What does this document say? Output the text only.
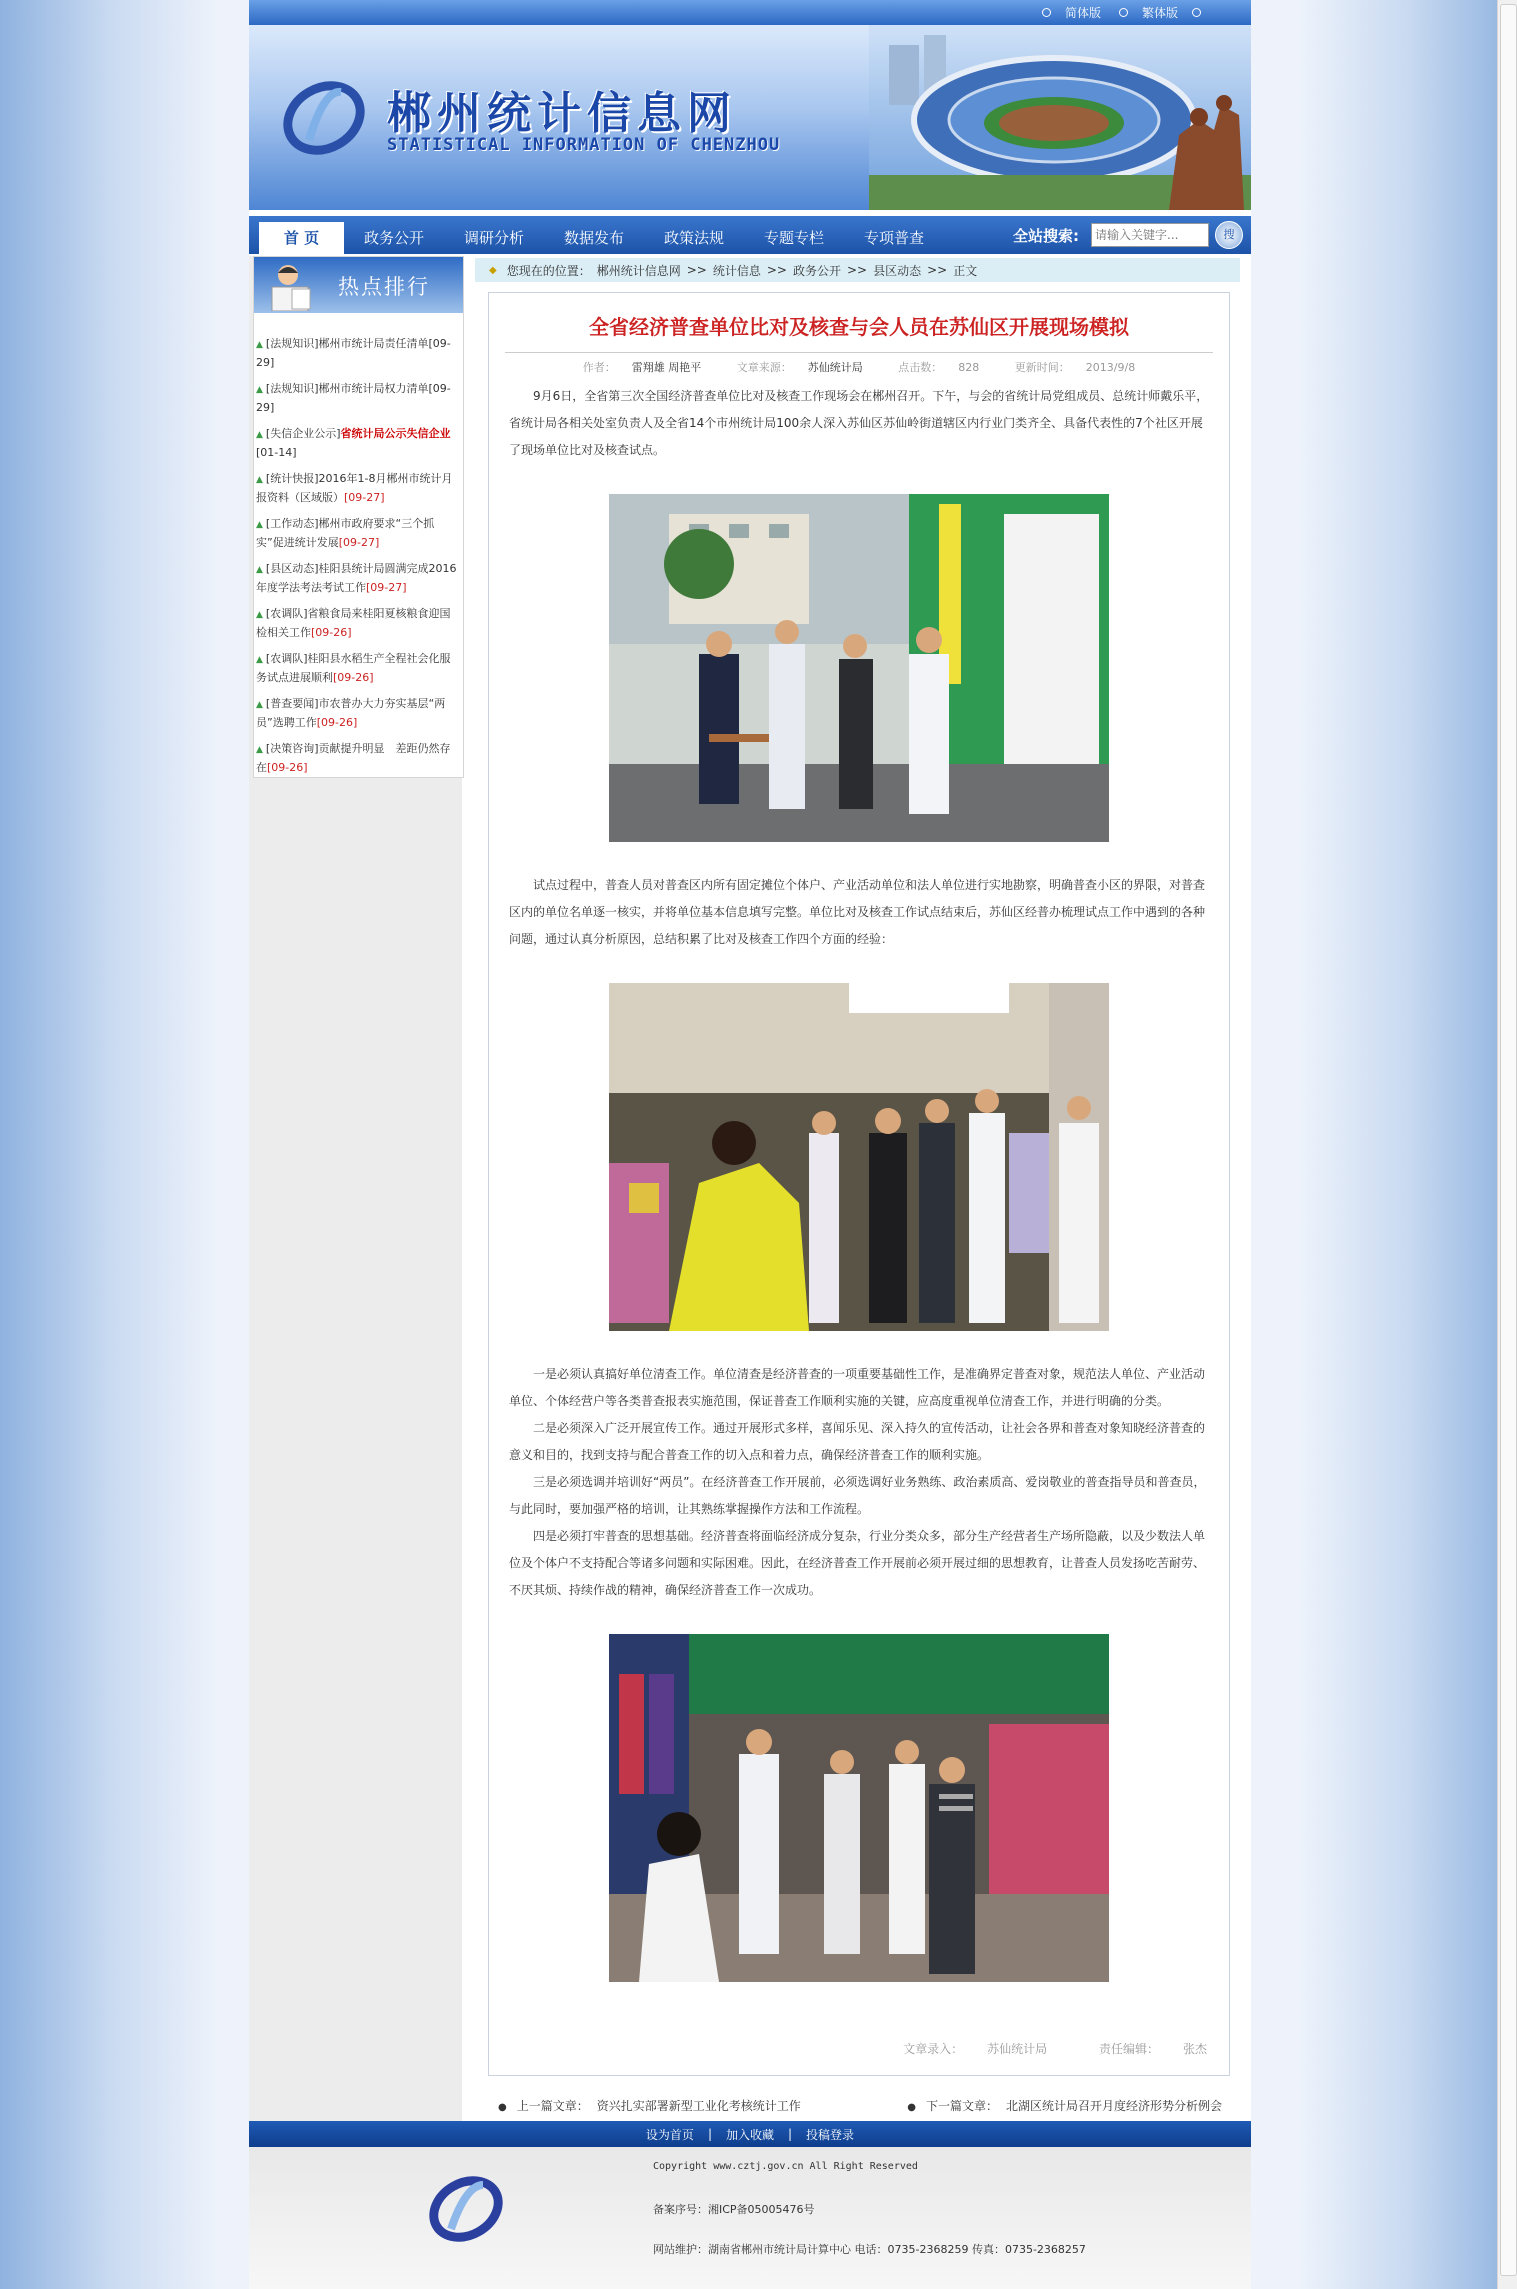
简体版	繁体版
郴州统计信息网
STATISTICAL INFORMATION OF CHENZHOU
首 页	政务公开	调研分析	数据发布	政策法规	专题专栏	专项普查	全站搜索:
请输入关键字...	搜
热点排行
▲ [法规知识]郴州市统计局责任清单[09-29]
▲ [法规知识]郴州市统计局权力清单[09-29]
▲ [失信企业公示]省统计局公示失信企业[01-14]
▲ [统计快报]2016年1-8月郴州市统计月报资料（区域版）[09-27]
▲ [工作动态]郴州市政府要求“三个抓实”促进统计发展[09-27]
▲ [县区动态]桂阳县统计局圆满完成2016年度学法考法考试工作[09-27]
▲ [农调队]省粮食局来桂阳夏核粮食迎国检相关工作[09-26]
▲ [农调队]桂阳县水稻生产全程社会化服务试点进展顺利[09-26]
▲ [普查要闻]市农普办大力夯实基层“两员”选聘工作[09-26]
▲ [决策咨询]贡献提升明显　差距仍然存在[09-26]
◆ 您现在的位置： 郴州统计信息网 >> 统计信息 >> 政务公开 >> 县区动态 >> 正文
全省经济普查单位比对及核查与会人员在苏仙区开展现场模拟
作者： 雷翔雄 周艳平	文章来源： 苏仙统计局	点击数： 828	更新时间： 2013/9/8

9月6日，全省第三次全国经济普查单位比对及核查工作现场会在郴州召开。下午，与会的省统计局党组成员、总统计师戴乐平，省统计局各相关处室负责人及全省14个市州统计局100余人深入苏仙区苏仙岭街道辖区内行业门类齐全、具备代表性的7个社区开展了现场单位比对及核查试点。

试点过程中，普查人员对普查区内所有固定摊位个体户、产业活动单位和法人单位进行实地勘察，明确普查小区的界限，对普查区内的单位名单逐一核实，并将单位基本信息填写完整。单位比对及核查工作试点结束后，苏仙区经普办梳理试点工作中遇到的各种问题，通过认真分析原因，总结积累了比对及核查工作四个方面的经验：

一是必须认真搞好单位清查工作。单位清查是经济普查的一项重要基础性工作，是准确界定普查对象，规范法人单位、产业活动单位、个体经营户等各类普查报表实施范围，保证普查工作顺利实施的关键，应高度重视单位清查工作，并进行明确的分类。

二是必须深入广泛开展宣传工作。通过开展形式多样，喜闻乐见、深入持久的宣传活动，让社会各界和普查对象知晓经济普查的意义和目的，找到支持与配合普查工作的切入点和着力点，确保经济普查工作的顺利实施。

三是必须选调并培训好“两员”。在经济普查工作开展前，必须选调好业务熟练、政治素质高、爱岗敬业的普查指导员和普查员，与此同时，要加强严格的培训，让其熟练掌握操作方法和工作流程。

四是必须打牢普查的思想基础。经济普查将面临经济成分复杂，行业分类众多，部分生产经营者生产场所隐蔽，以及少数法人单位及个体户不支持配合等诸多问题和实际困难。因此，在经济普查工作开展前必须开展过细的思想教育，让普查人员发扬吃苦耐劳、不厌其烦、持续作战的精神，确保经济普查工作一次成功。

文章录入： 苏仙统计局	责任编辑： 张杰
● 上一篇文章： 资兴扎实部署新型工业化考核统计工作	● 下一篇文章： 北湖区统计局召开月度经济形势分析例会
设为首页 | 加入收藏 | 投稿登录
Copyright www.cztj.gov.cn All Right Reserved
备案序号：湘ICP备05005476号
网站维护：湖南省郴州市统计局计算中心 电话：0735-2368259 传真：0735-2368257
